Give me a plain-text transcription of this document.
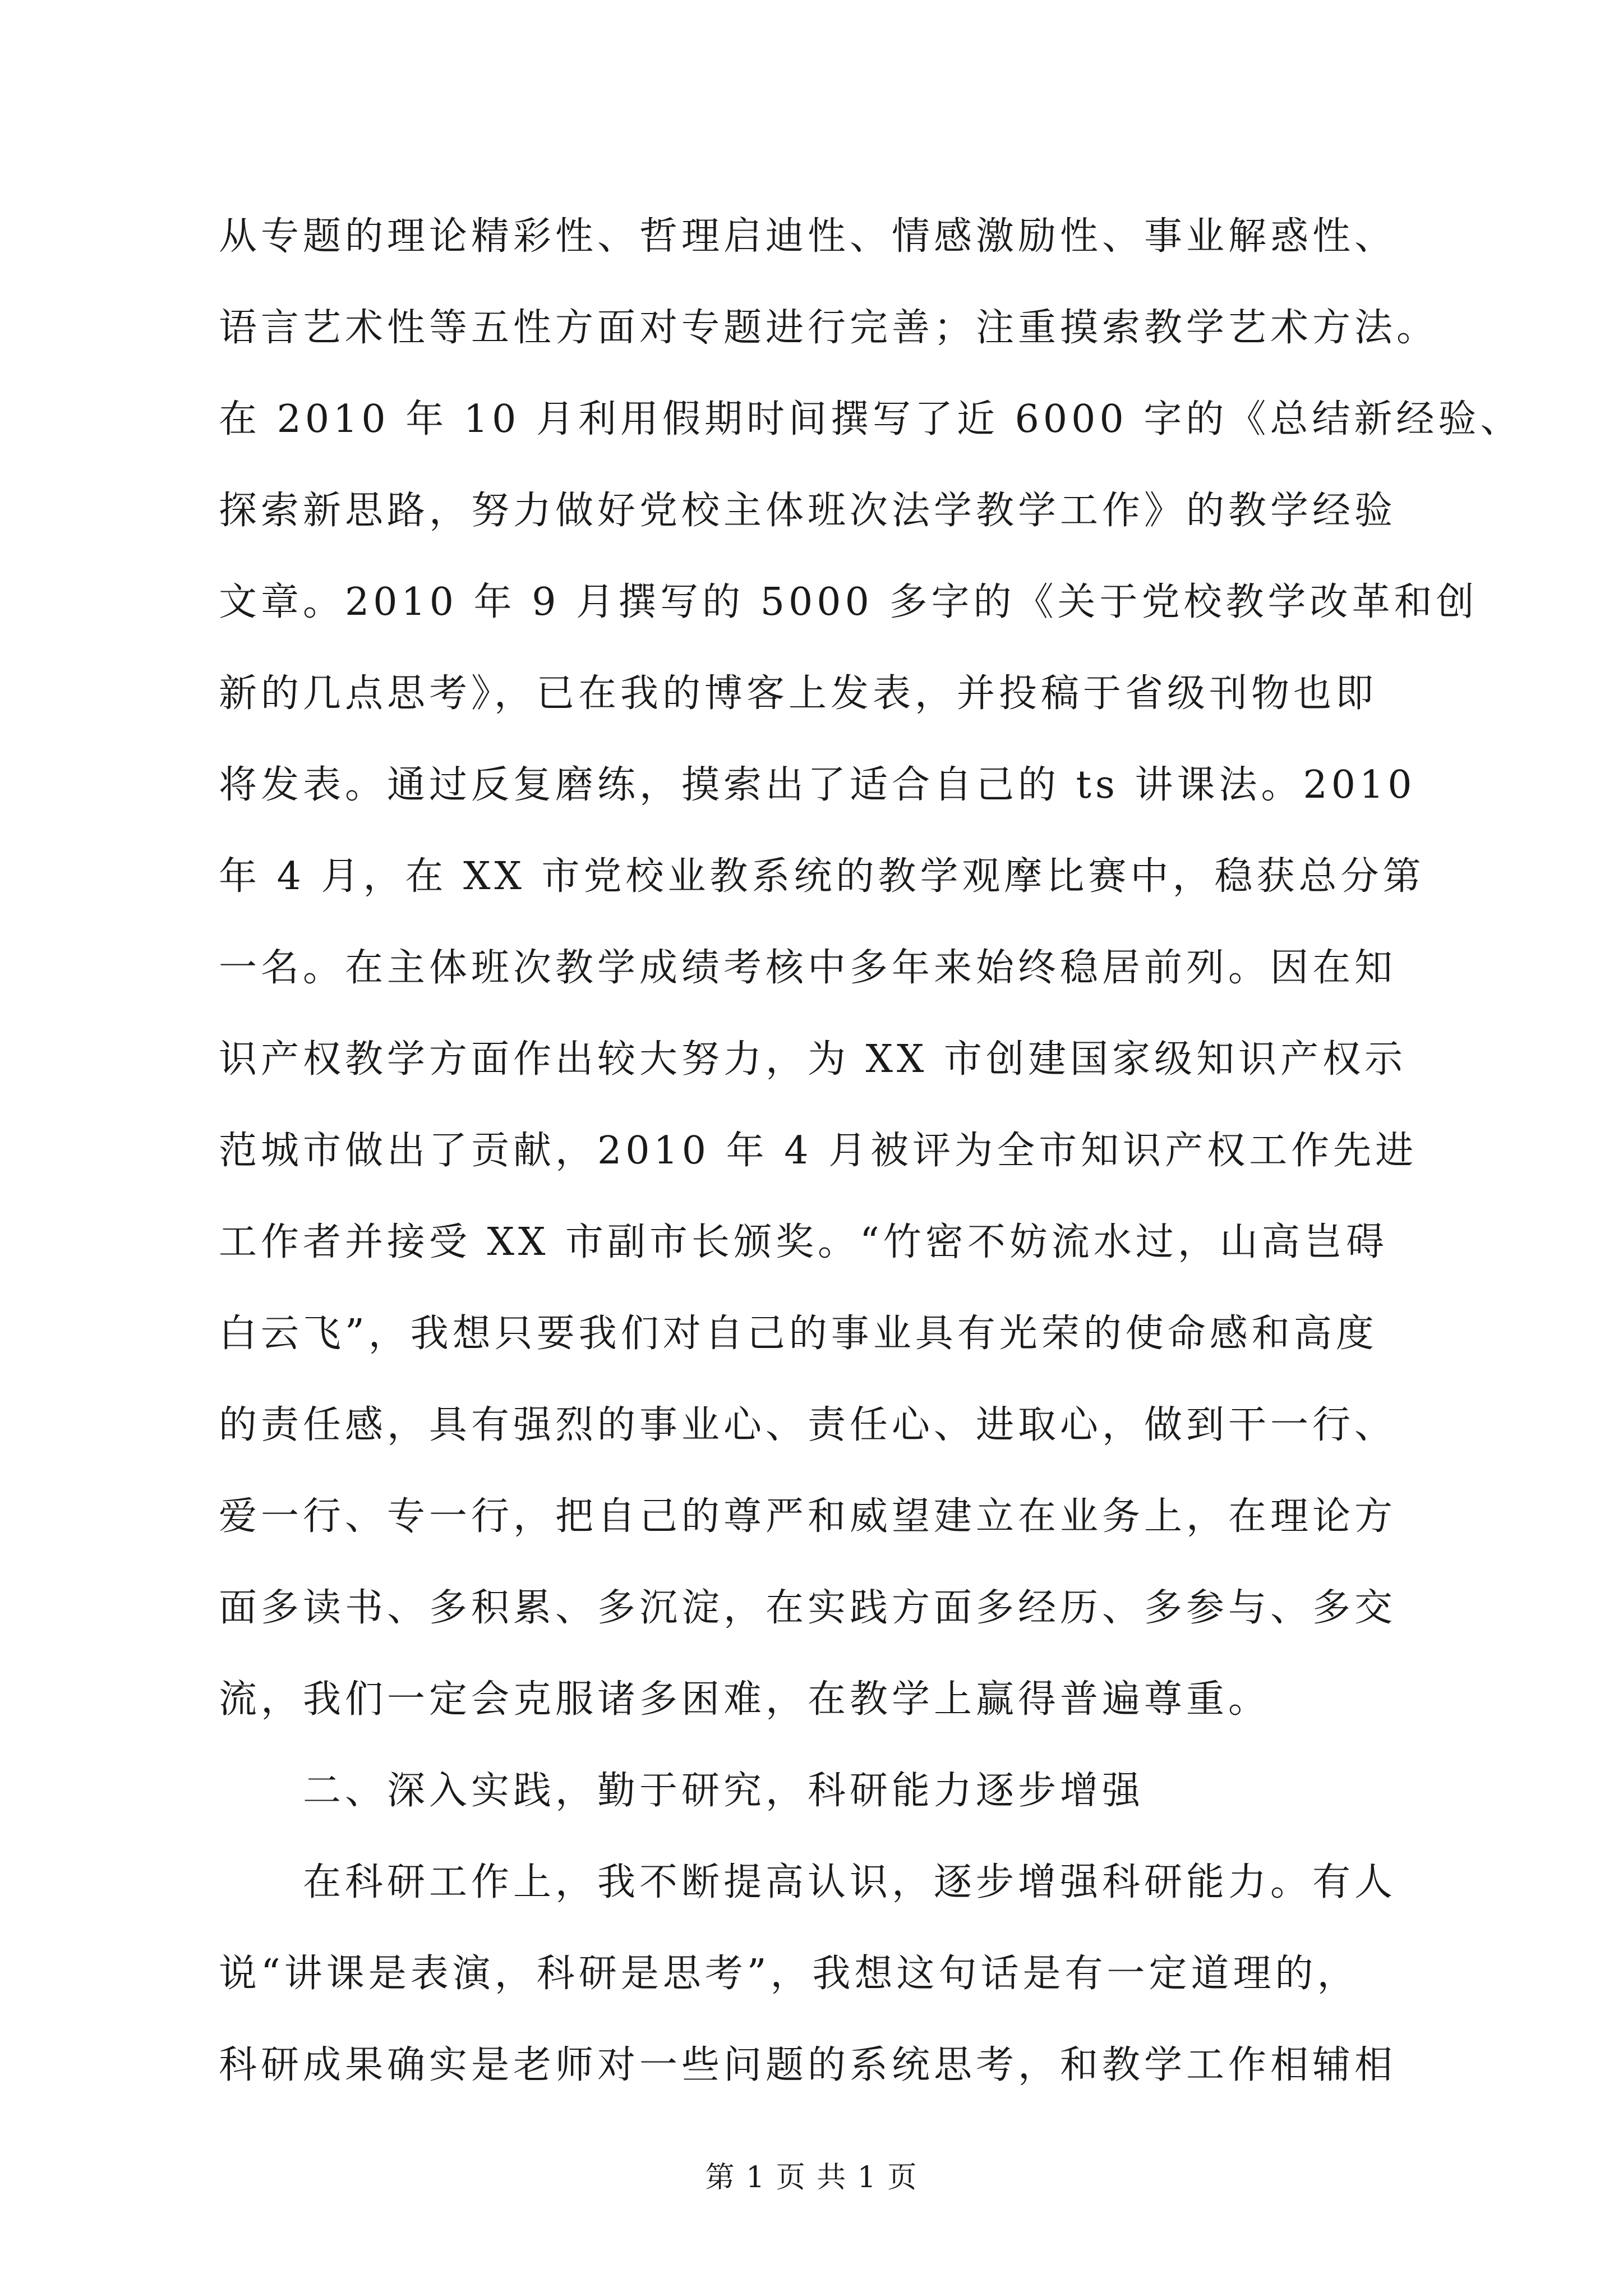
从专题的理论精彩性、哲理启迪性、情感激励性、事业解惑性、
语言艺术性等五性方面对专题进行完善；注重摸索教学艺术方法。
在 2010 年 10 月利用假期时间撰写了近 6000 字的《总结新经验、
探索新思路，努力做好党校主体班次法学教学工作》的教学经验
文章。2010 年 9 月撰写的 5000 多字的《关于党校教学改革和创
新的几点思考》，已在我的博客上发表，并投稿于省级刊物也即
将发表。通过反复磨练，摸索出了适合自己的 ts 讲课法。2010
年 4 月，在 XX 市党校业教系统的教学观摩比赛中，稳获总分第
一名。在主体班次教学成绩考核中多年来始终稳居前列。因在知
识产权教学方面作出较大努力，为 XX 市创建国家级知识产权示
范城市做出了贡献，2010 年 4 月被评为全市知识产权工作先进
工作者并接受 XX 市副市长颁奖。“竹密不妨流水过，山高岂碍
白云飞”，我想只要我们对自己的事业具有光荣的使命感和高度
的责任感，具有强烈的事业心、责任心、进取心，做到干一行、
爱一行、专一行，把自己的尊严和威望建立在业务上，在理论方
面多读书、多积累、多沉淀，在实践方面多经历、多参与、多交
流，我们一定会克服诸多困难，在教学上赢得普遍尊重。
二、深入实践，勤于研究，科研能力逐步增强
在科研工作上，我不断提高认识，逐步增强科研能力。有人
说“讲课是表演，科研是思考”，我想这句话是有一定道理的，
科研成果确实是老师对一些问题的系统思考，和教学工作相辅相
第 1 页 共 1 页
